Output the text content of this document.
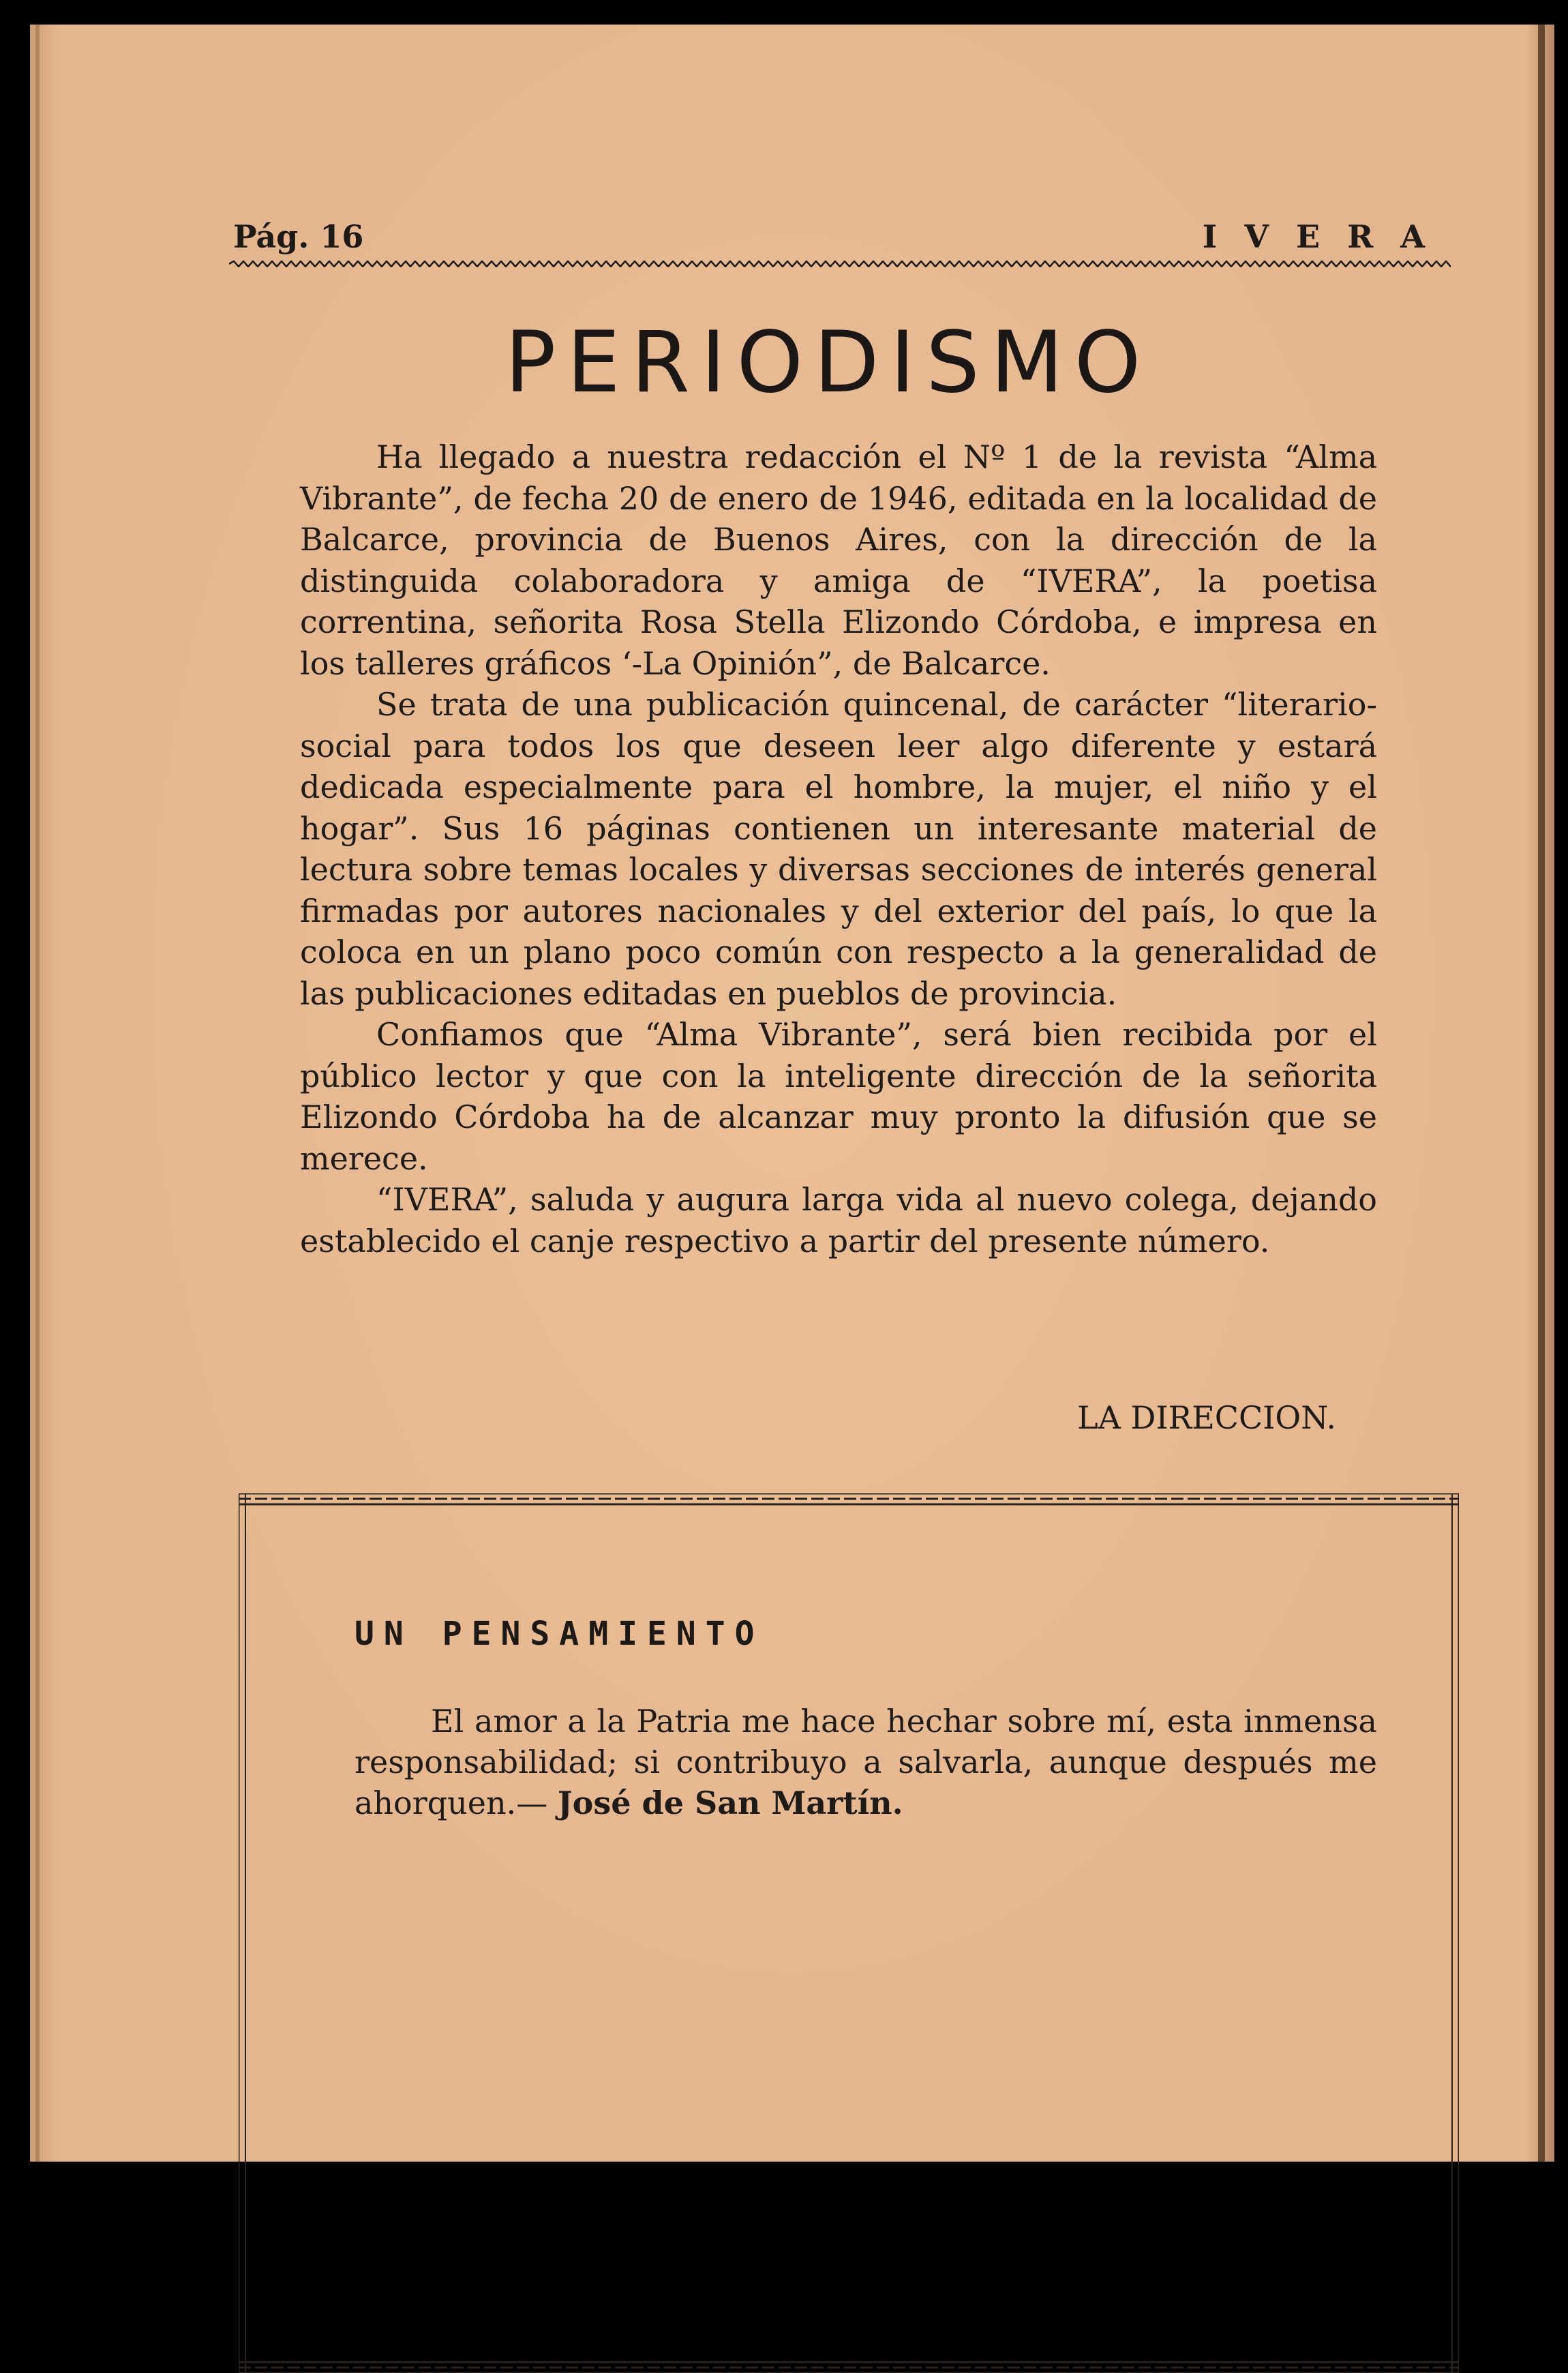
Pág. 16	IVERA
PERIODISMO

Ha llegado a nuestra redacción el Nº 1 de la revista “Alma Vibrante”, de fecha 20 de enero de 1946, editada en la localidad de Balcarce, provincia de Buenos Aires, con la dirección de la distinguida colaboradora y amiga de “IVERA”, la poetisa correntina, señorita Rosa Stella Elizondo Córdoba, e impresa en los talleres gráficos ‘-La Opinión”, de Balcarce.

Se trata de una publicación quincenal, de carácter “literario-social para todos los que deseen leer algo diferente y estará dedicada especialmente para el hombre, la mujer, el niño y el hogar”. Sus 16 páginas contienen un interesante material de lectura sobre temas locales y diversas secciones de interés general firmadas por autores nacionales y del exterior del país, lo que la coloca en un plano poco común con respecto a la generalidad de las publicaciones editadas en pueblos de provincia.

Confiamos que “Alma Vibrante”, será bien recibida por el público lector y que con la inteligente dirección de la señorita Elizondo Córdoba ha de alcanzar muy pronto la difusión que se merece.

“IVERA”, saluda y augura larga vida al nuevo colega, dejando establecido el canje respectivo a partir del presente número.

LA DIRECCION.
UN PENSAMIENTO

El amor a la Patria me hace hechar sobre mí, esta inmensa responsabilidad; si contribuyo a salvarla, aunque después me ahorquen.— José de San Martín.
